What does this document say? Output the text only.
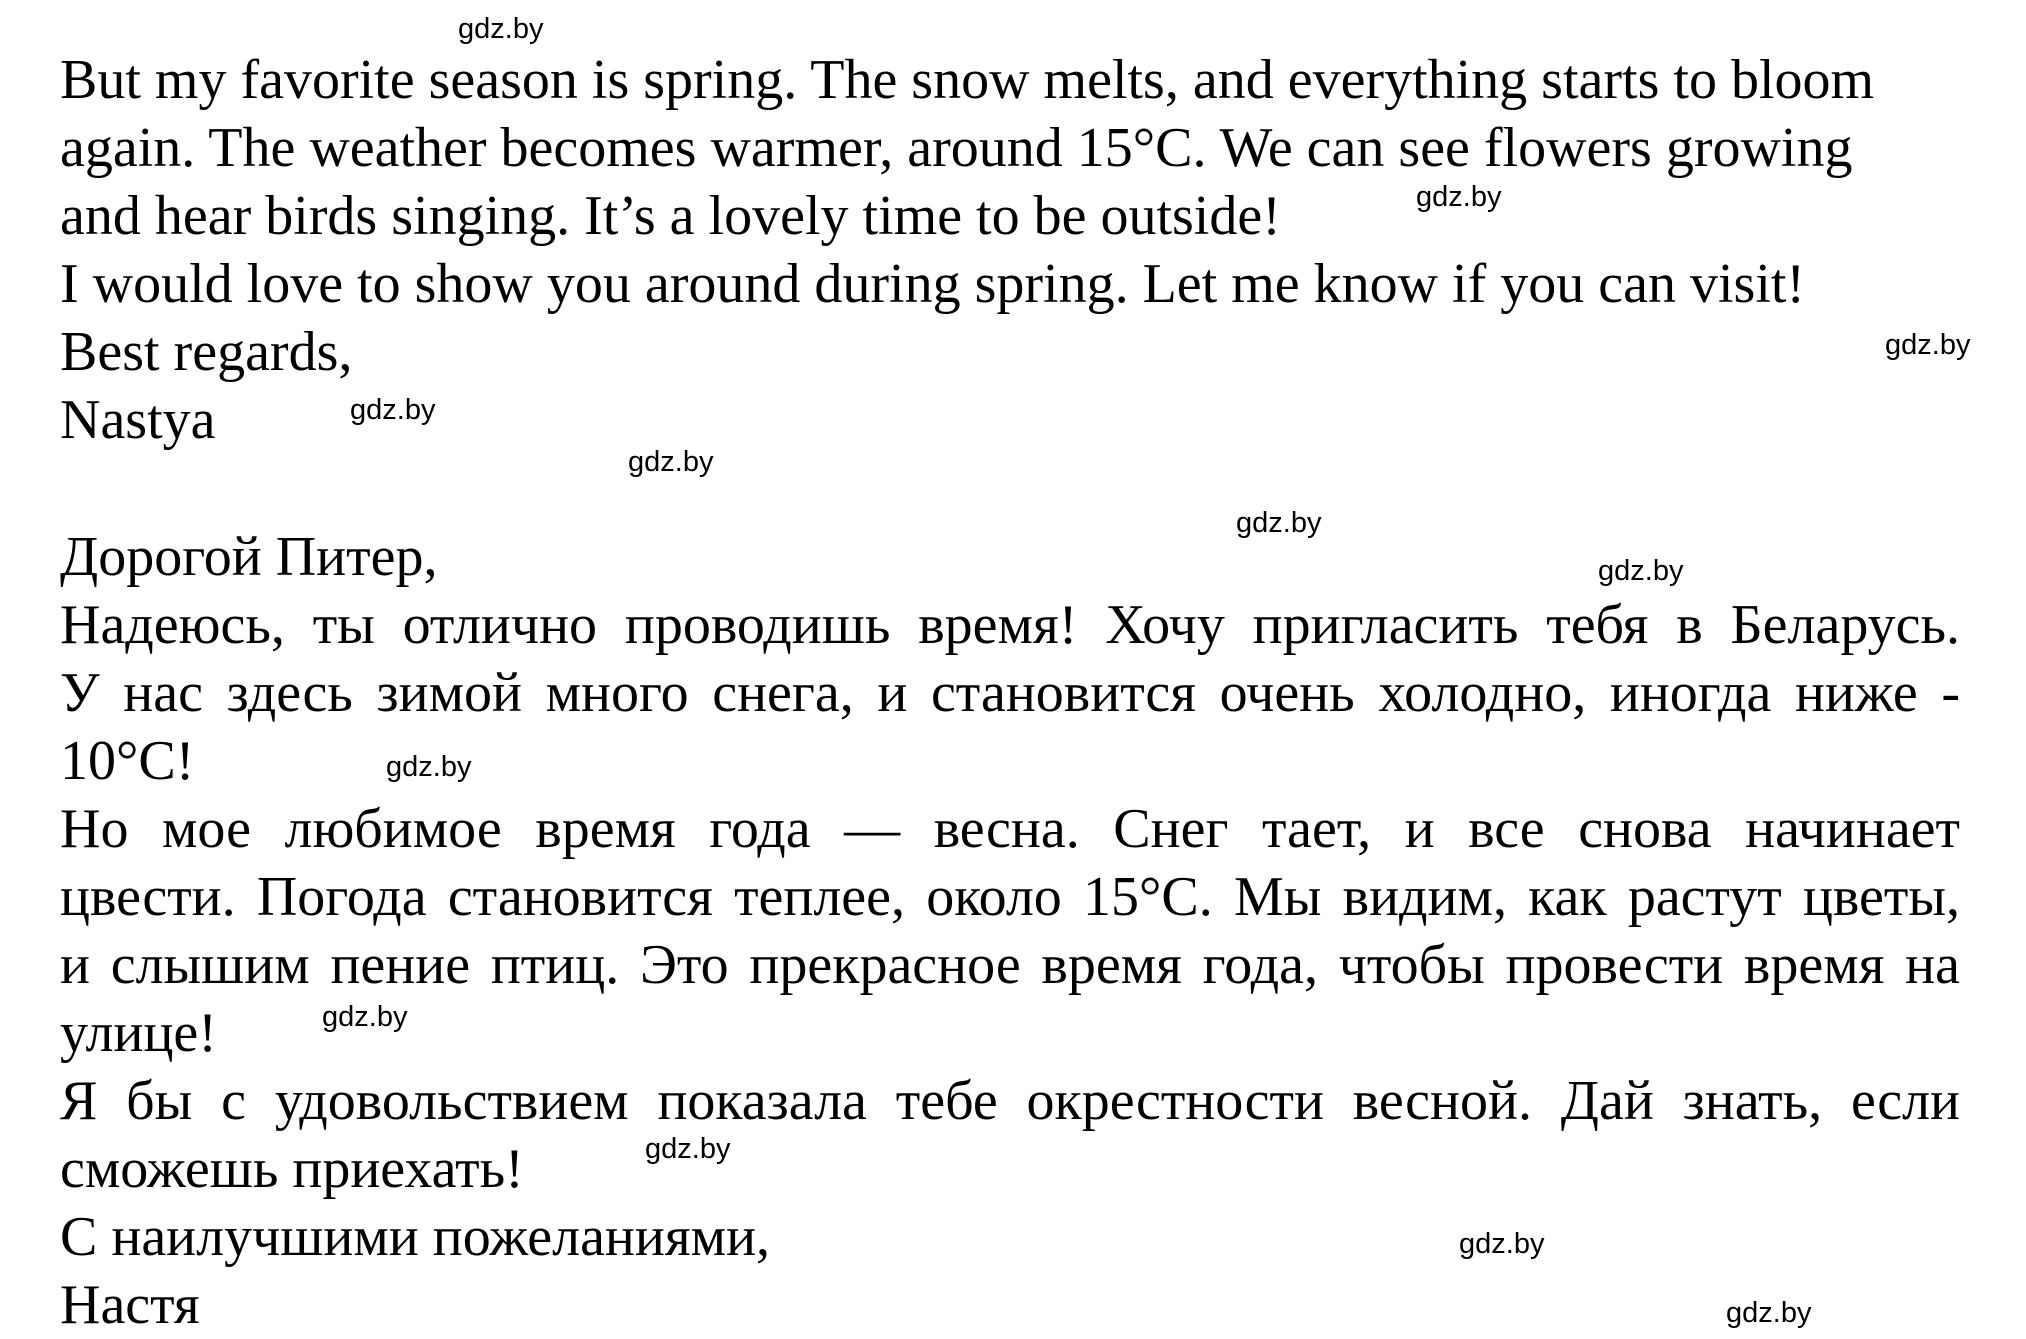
But my favorite season is spring. The snow melts, and everything starts to bloom
again. The weather becomes warmer, around 15°C. We can see flowers growing
and hear birds singing. It’s a lovely time to be outside!
I would love to show you around during spring. Let me know if you can visit!
Best regards,
Nastya
Дорогой Питер,
Надеюсь, ты отлично проводишь время! Хочу пригласить тебя в Беларусь.
У нас здесь зимой много снега, и становится очень холодно, иногда ниже -
10°С!
Но мое любимое время года — весна. Снег тает, и все снова начинает
цвести. Погода становится теплее, около 15°С. Мы видим, как растут цветы,
и слышим пение птиц. Это прекрасное время года, чтобы провести время на
улице!
Я бы с удовольствием показала тебе окрестности весной. Дай знать, если
сможешь приехать!
С наилучшими пожеланиями,
Настя
gdz.by
gdz.by
gdz.by
gdz.by
gdz.by
gdz.by
gdz.by
gdz.by
gdz.by
gdz.by
gdz.by
gdz.by
